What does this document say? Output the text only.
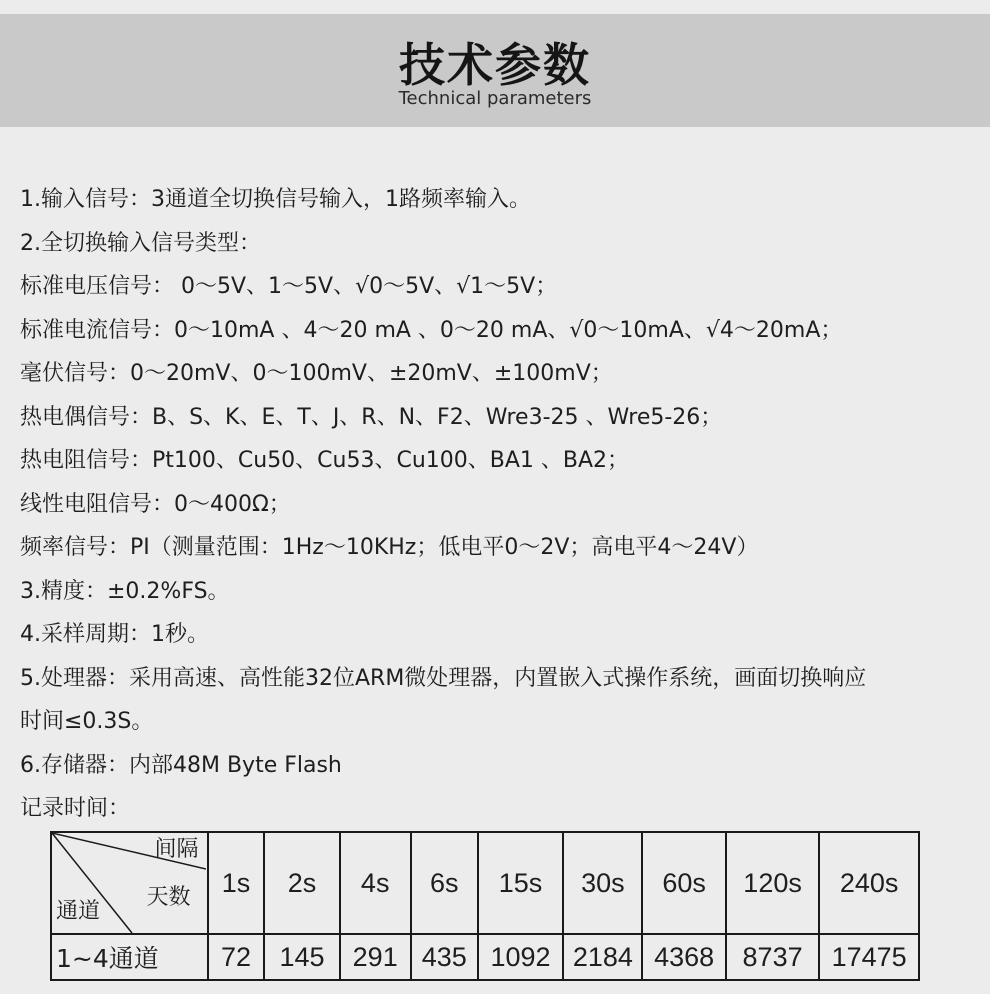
技术参数
Technical parameters
1.输入信号：3通道全切换信号输入，1路频率输入。
2.全切换输入信号类型：
标准电压信号： 0～5V、1～5V、√0～5V、√1～5V；
标准电流信号：0～10mA 、4～20 mA 、0～20 mA、√0～10mA、√4～20mA；
毫伏信号：0～20mV、0～100mV、±20mV、±100mV；
热电偶信号：B、S、K、E、T、J、R、N、F2、Wre3-25 、Wre5-26；
热电阻信号：Pt100、Cu50、Cu53、Cu100、BA1 、BA2；
线性电阻信号：0～400Ω；
频率信号：PI（测量范围：1Hz～10KHz；低电平0～2V；高电平4～24V）
3.精度：±0.2%FS。
4.采样周期：1秒。
5.处理器：采用高速、高性能32位ARM微处理器，内置嵌入式操作系统，画面切换响应
时间≤0.3S。
6.存储器：内部48M Byte Flash
记录时间：
间隔
天数
通道	1s	2s	4s	6s	15s	30s	60s	120s	240s
1~4通道	72	145	291	435	1092	2184	4368	8737	17475
